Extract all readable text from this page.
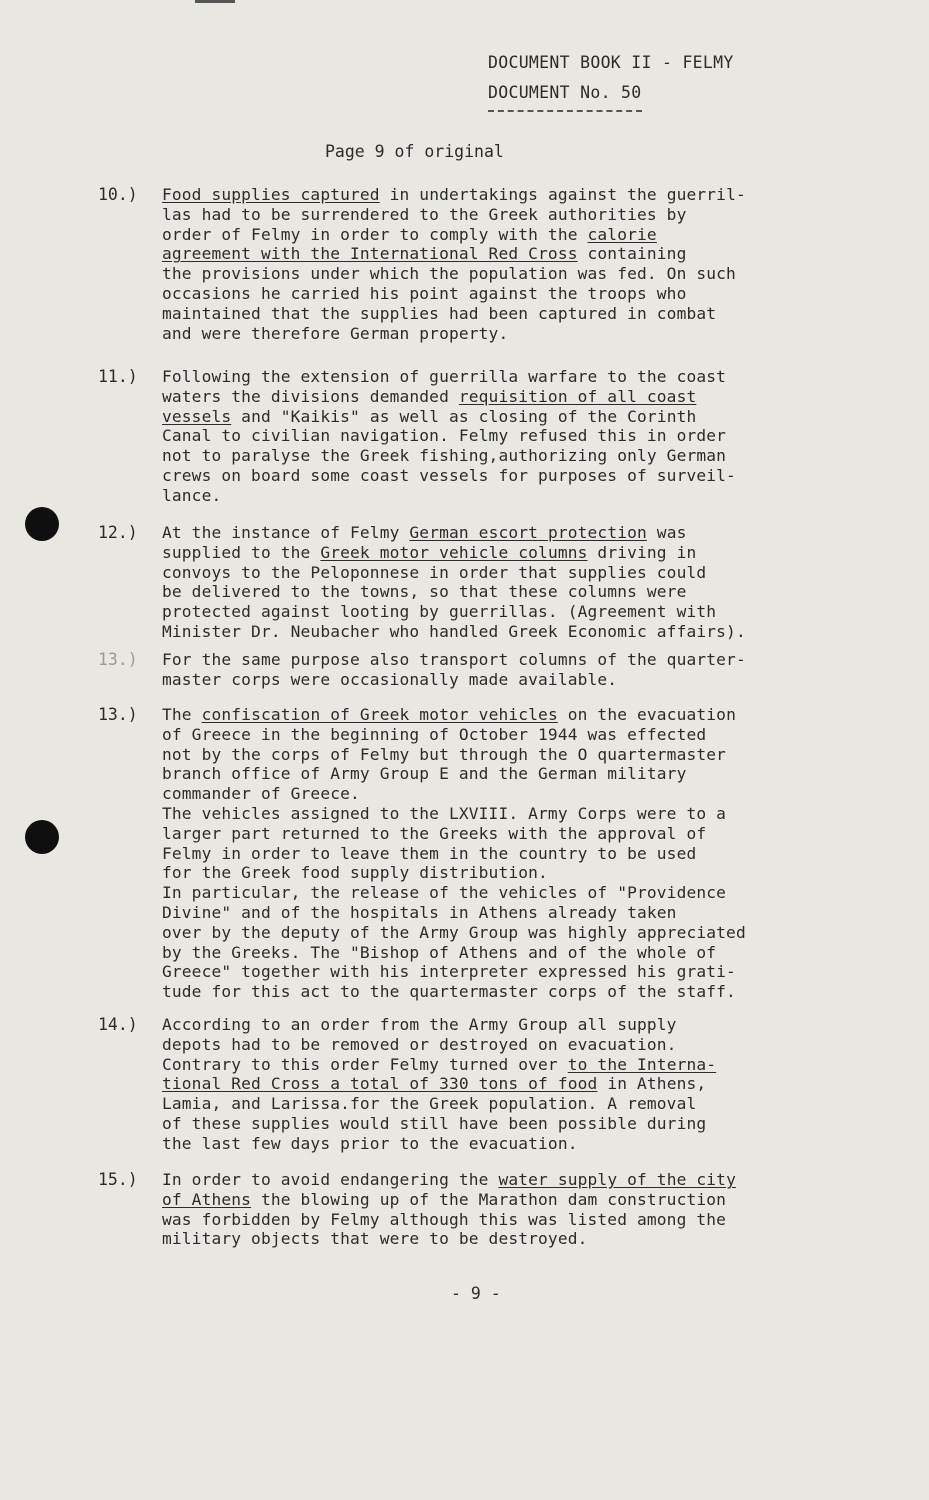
DOCUMENT BOOK II - FELMY
DOCUMENT No. 50
Page 9 of original
10.) Food supplies captured in undertakings against the guerril-
las had to be surrendered to the Greek authorities by
order of Felmy in order to comply with the calorie
agreement with the International Red Cross containing
the provisions under which the population was fed. On such
occasions he carried his point against the troops who
maintained that the supplies had been captured in combat
and were therefore German property.
11.) Following the extension of guerrilla warfare to the coast
waters the divisions demanded requisition of all coast
vessels and "Kaikis" as well as closing of the Corinth
Canal to civilian navigation. Felmy refused this in order
not to paralyse the Greek fishing,authorizing only German
crews on board some coast vessels for purposes of surveil-
lance.
12.) At the instance of Felmy German escort protection was
supplied to the Greek motor vehicle columns driving in
convoys to the Peloponnese in order that supplies could
be delivered to the towns, so that these columns were
protected against looting by guerrillas. (Agreement with
Minister Dr. Neubacher who handled Greek Economic affairs).
13.) For the same purpose also transport columns of the quarter-
master corps were occasionally made available.
13.) The confiscation of Greek motor vehicles on the evacuation
of Greece in the beginning of October 1944 was effected
not by the corps of Felmy but through the O quartermaster
branch office of Army Group E and the German military
commander of Greece.
The vehicles assigned to the LXVIII. Army Corps were to a
larger part returned to the Greeks with the approval of
Felmy in order to leave them in the country to be used
for the Greek food supply distribution.
In particular, the release of the vehicles of "Providence
Divine" and of the hospitals in Athens already taken
over by the deputy of the Army Group was highly appreciated
by the Greeks. The "Bishop of Athens and of the whole of
Greece" together with his interpreter expressed his grati-
tude for this act to the quartermaster corps of the staff.
14.) According to an order from the Army Group all supply
depots had to be removed or destroyed on evacuation.
Contrary to this order Felmy turned over to the Interna-
tional Red Cross a total of 330 tons of food in Athens,
Lamia, and Larissa.for the Greek population. A removal
of these supplies would still have been possible during
the last few days prior to the evacuation.
15.) In order to avoid endangering the water supply of the city
of Athens the blowing up of the Marathon dam construction
was forbidden by Felmy although this was listed among the
military objects that were to be destroyed.
- 9 -
